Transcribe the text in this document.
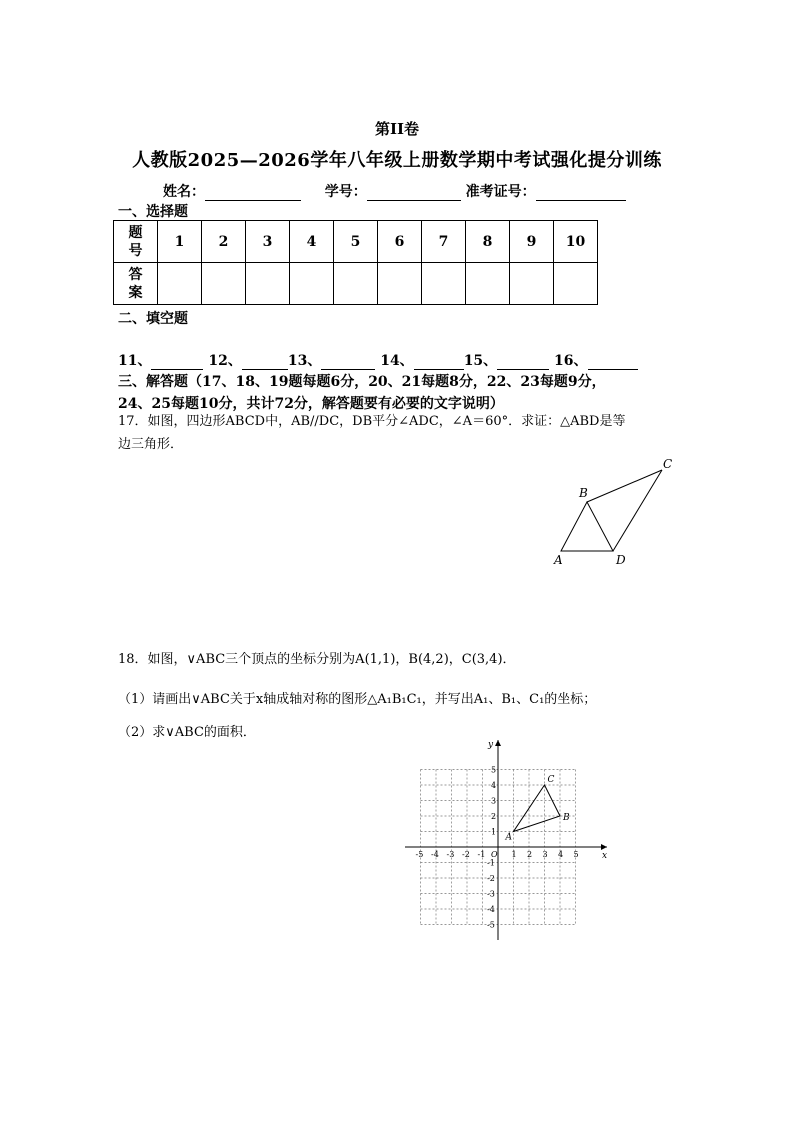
第II卷
人教版2025—2026学年八年级上册数学期中考试强化提分训练
姓名：	学号：	准考证号：
一、选择题
题
号	1	2	3	4	5	6	7	8	9	10
答
案										
二、填空题
11、	12、	13、	14、	15、	16、
三、解答题（17、18、19题每题6分，20、21每题8分，22、23每题9分，
24、25每题10分，共计72分，解答题要有必要的文字说明）
17．如图，四边形ABCD中，AB//DC，DB平分∠ADC，∠A＝60°．求证：△ABD是等
边三角形．
A
B
C
D
18．如图，∨ABC三个顶点的坐标分别为A(1,1)，B(4,2)，C(3,4)．
（1）请画出∨ABC关于x轴成轴对称的图形△A₁B₁C₁，并写出A₁、B₁、C₁的坐标；
（2）求∨ABC的面积．
x
y
-5 -4 -3 -2 -1	1 2 3 4 5
5
4
3
2
1
-1
-2
-3
-4
-5
O
A
B
C
